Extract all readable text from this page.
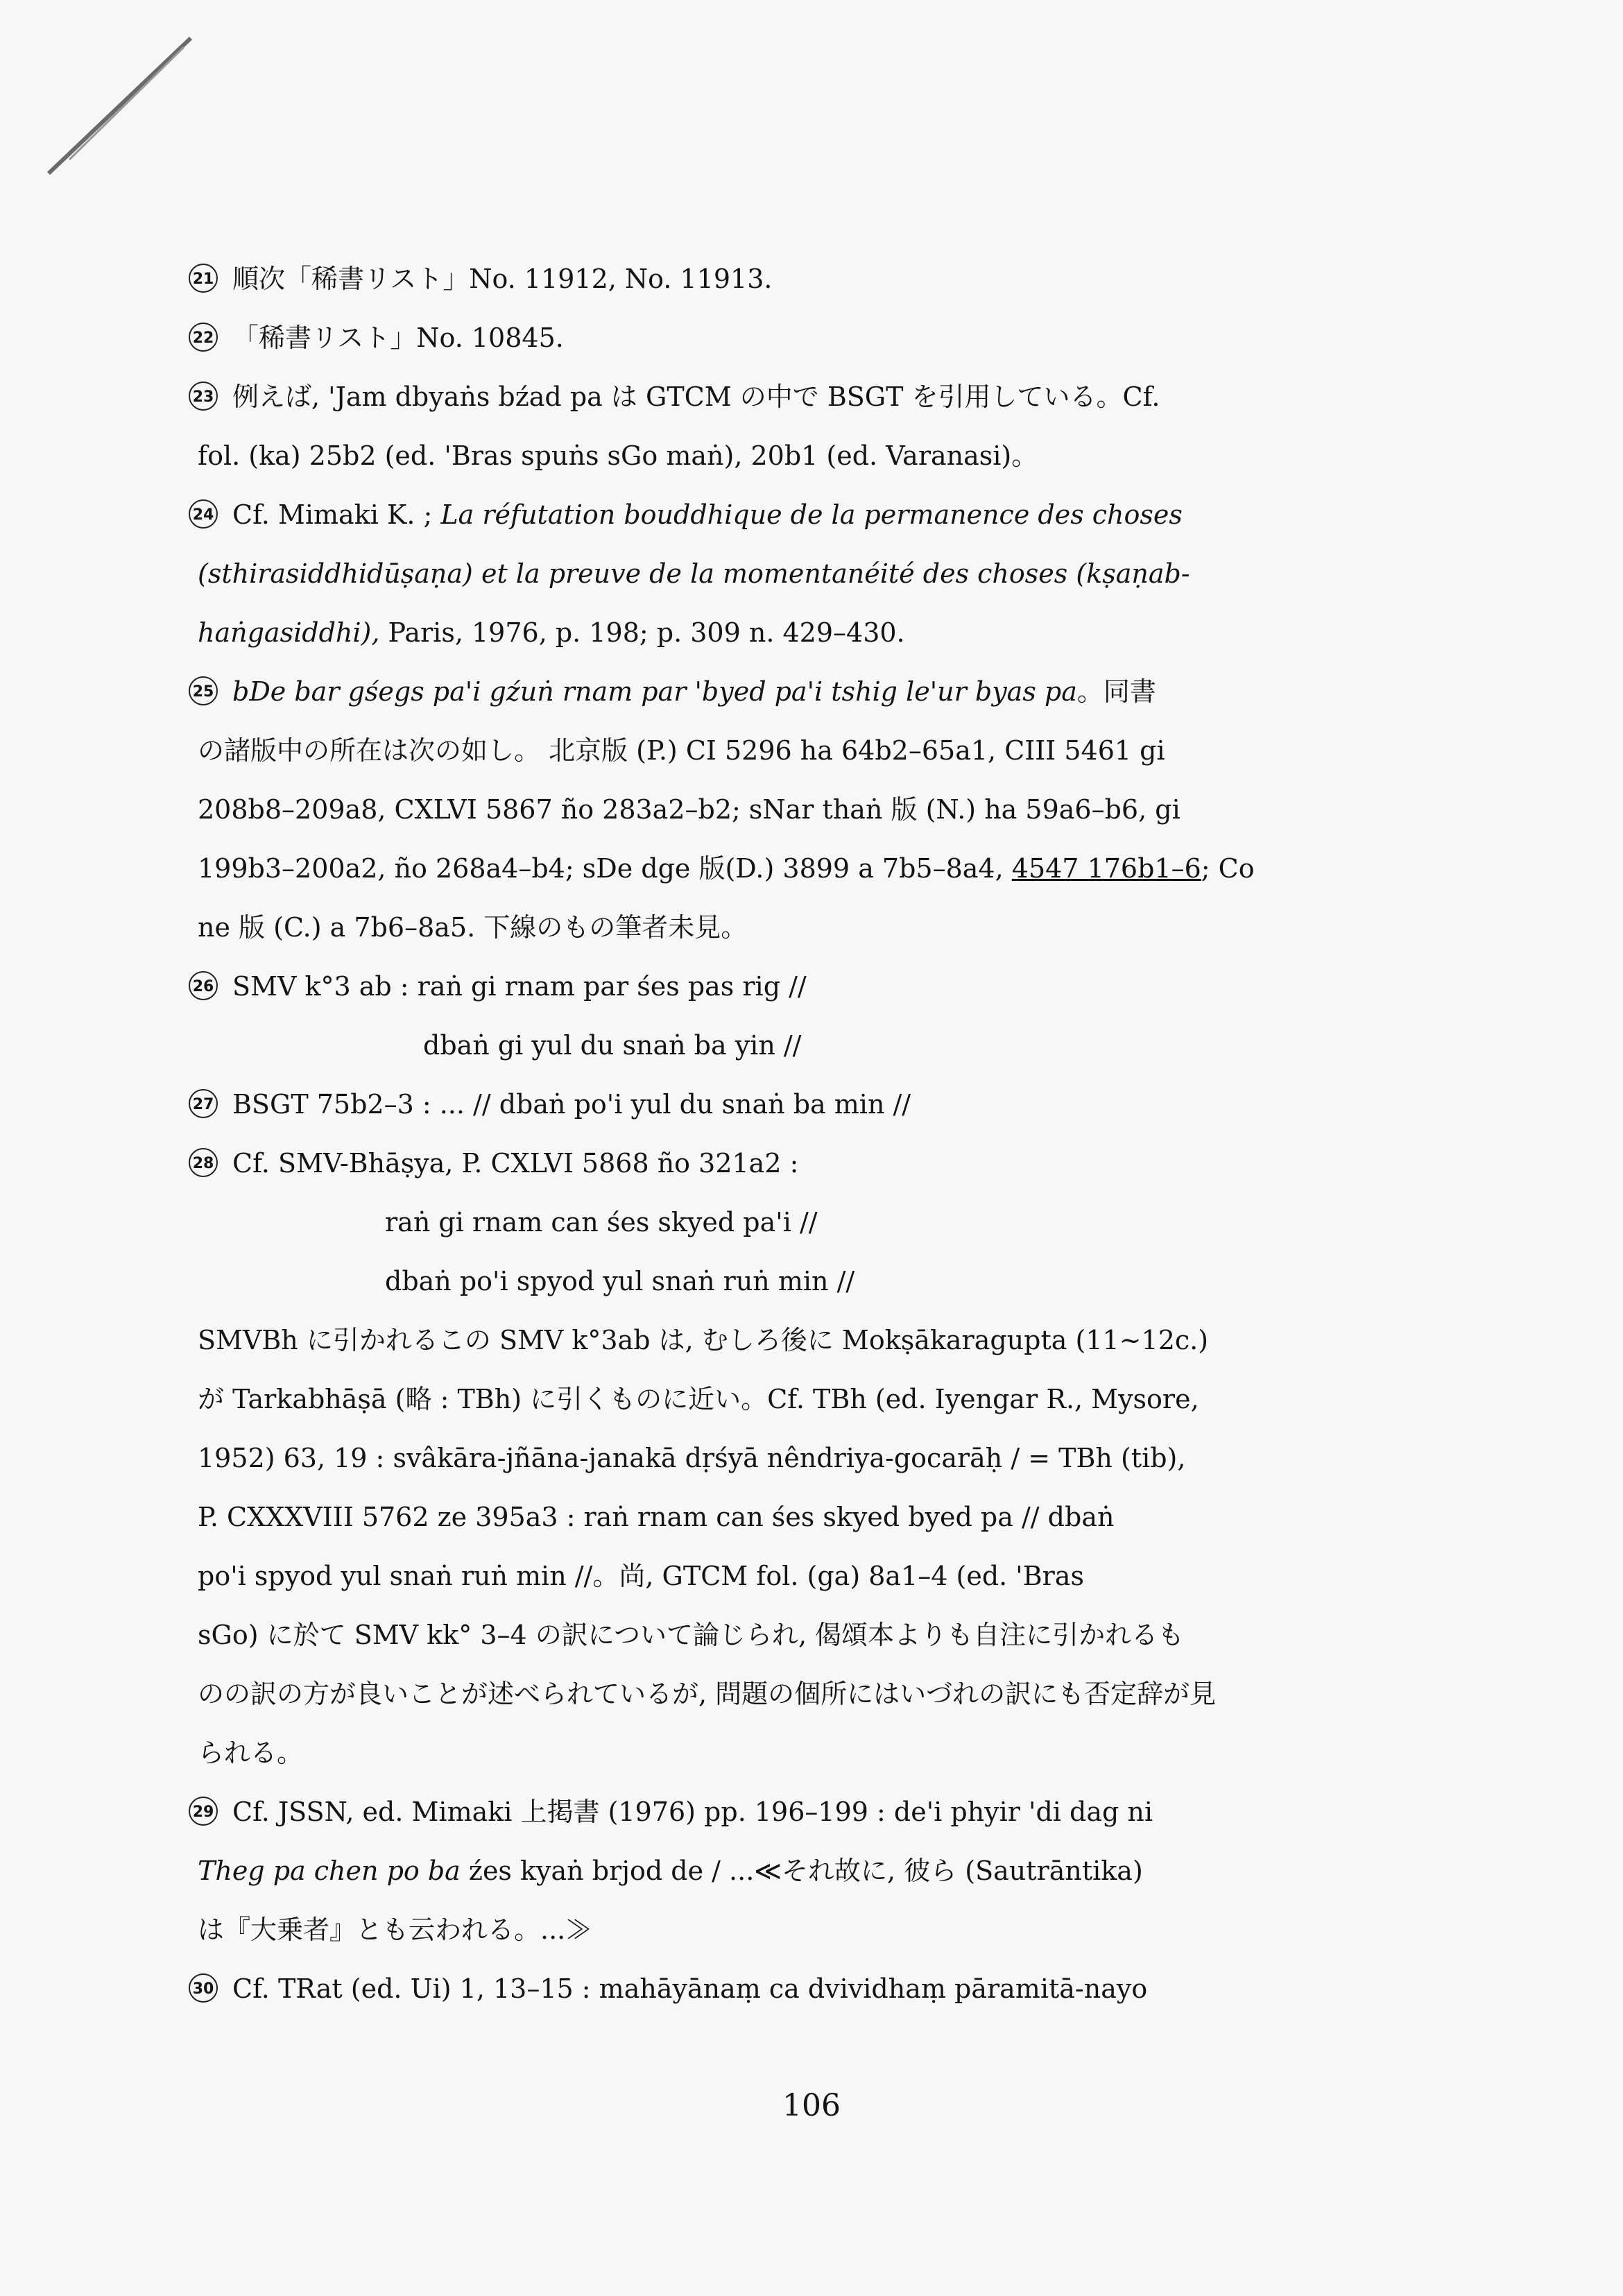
21 順次「稀書リスト」No. 11912, No. 11913.
22 「稀書リスト」No. 10845.
23 例えば, 'Jam dbyaṅs bźad pa は GTCM の中で BSGT を引用している。Cf.
fol. (ka) 25b2 (ed. 'Bras spuṅs sGo maṅ), 20b1 (ed. Varanasi)。
24 Cf. Mimaki K. ; La réfutation bouddhique de la permanence des choses
(sthirasiddhidūṣaṇa) et la preuve de la momentanéité des choses (kṣaṇab-
haṅgasiddhi), Paris, 1976, p. 198; p. 309 n. 429–430.
25 bDe bar gśegs pa'i gźuṅ rnam par 'byed pa'i tshig le'ur byas pa。同書
の諸版中の所在は次の如し。 北京版 (P.) CI 5296 ha 64b2–65a1, CIII 5461 gi
208b8–209a8, CXLVI 5867 ño 283a2–b2; sNar thaṅ 版 (N.) ha 59a6–b6, gi
199b3–200a2, ño 268a4–b4; sDe dge 版(D.) 3899 a 7b5–8a4, 4547 176b1–6; Co
ne 版 (C.) a 7b6–8a5. 下線のもの筆者未見。
26 SMV k°3 ab : raṅ gi rnam par śes pas rig //
dbaṅ gi yul du snaṅ ba yin //
27 BSGT 75b2–3 : ... // dbaṅ po'i yul du snaṅ ba min //
28 Cf. SMV-Bhāṣya, P. CXLVI 5868 ño 321a2 :
raṅ gi rnam can śes skyed pa'i //
dbaṅ po'i spyod yul snaṅ ruṅ min //
SMVBh に引かれるこの SMV k°3ab は, むしろ後に Mokṣākaragupta (11~12c.)
が Tarkabhāṣā (略 : TBh) に引くものに近い。Cf. TBh (ed. Iyengar R., Mysore,
1952) 63, 19 : svâkāra-jñāna-janakā dṛśyā nêndriya-gocarāḥ / = TBh (tib),
P. CXXXVIII 5762 ze 395a3 : raṅ rnam can śes skyed byed pa // dbaṅ
po'i spyod yul snaṅ ruṅ min //。尚, GTCM fol. (ga) 8a1–4 (ed. 'Bras
sGo) に於て SMV kk° 3–4 の訳について論じられ, 偈頌本よりも自注に引かれるも
のの訳の方が良いことが述べられているが, 問題の個所にはいづれの訳にも否定辞が見
られる。
29 Cf. JSSN, ed. Mimaki 上掲書 (1976) pp. 196–199 : de'i phyir 'di dag ni
Theg pa chen po ba źes kyaṅ brjod de / ...≪それ故に, 彼ら (Sautrāntika)
は『大乗者』とも云われる。...≫
30 Cf. TRat (ed. Ui) 1, 13–15 : mahāyānaṃ ca dvividhaṃ pāramitā-nayo
106
